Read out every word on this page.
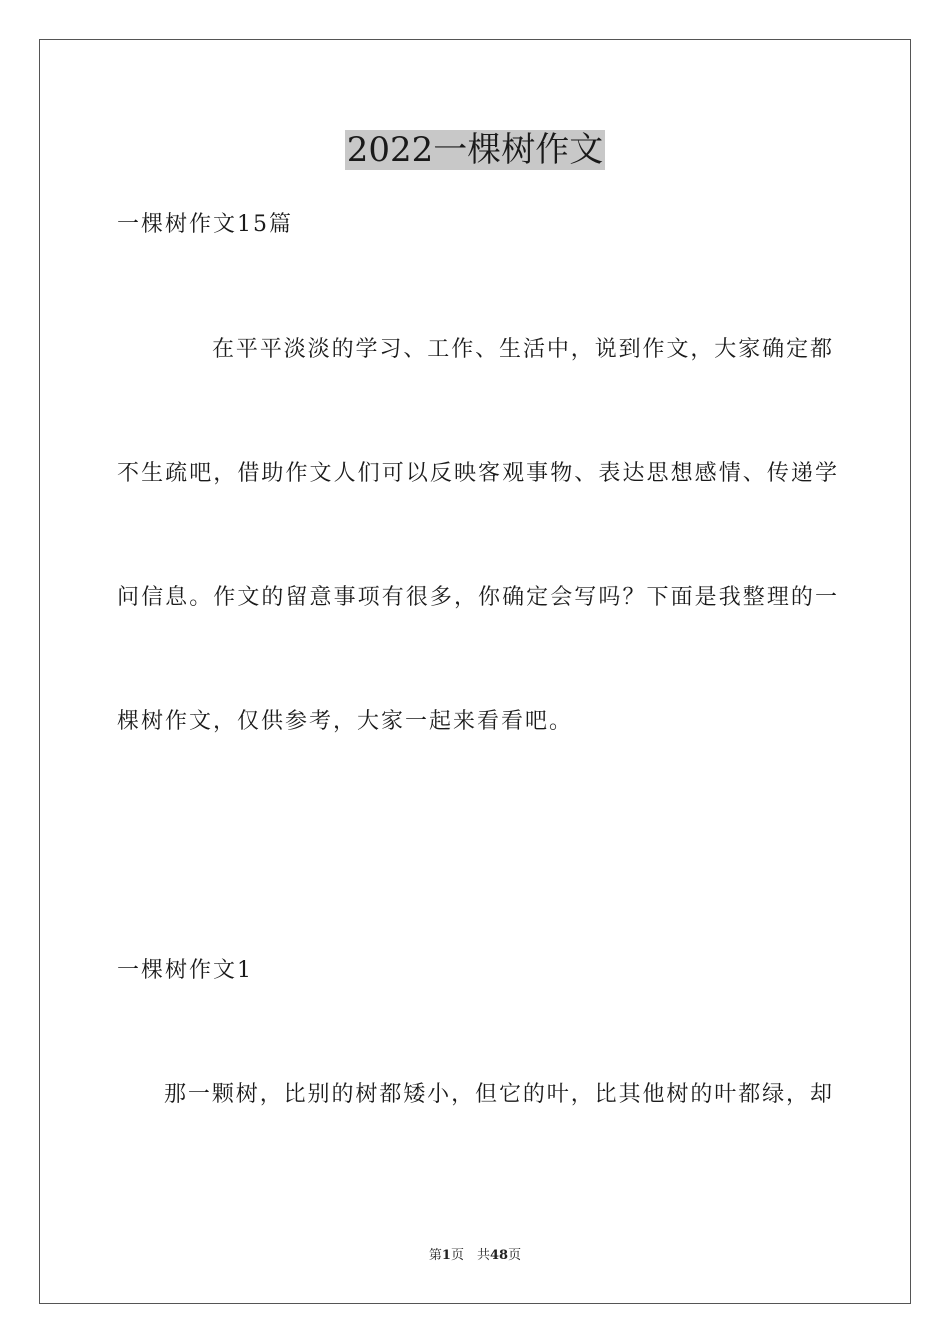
2022一棵树作文
一棵树作文15篇
在平平淡淡的学习、工作、生活中，说到作文，大家确定都
不生疏吧，借助作文人们可以反映客观事物、表达思想感情、传递学
问信息。作文的留意事项有很多，你确定会写吗？下面是我整理的一
棵树作文，仅供参考，大家一起来看看吧。
一棵树作文1
那一颗树，比别的树都矮小，但它的叶，比其他树的叶都绿，却
第1页　共48页
